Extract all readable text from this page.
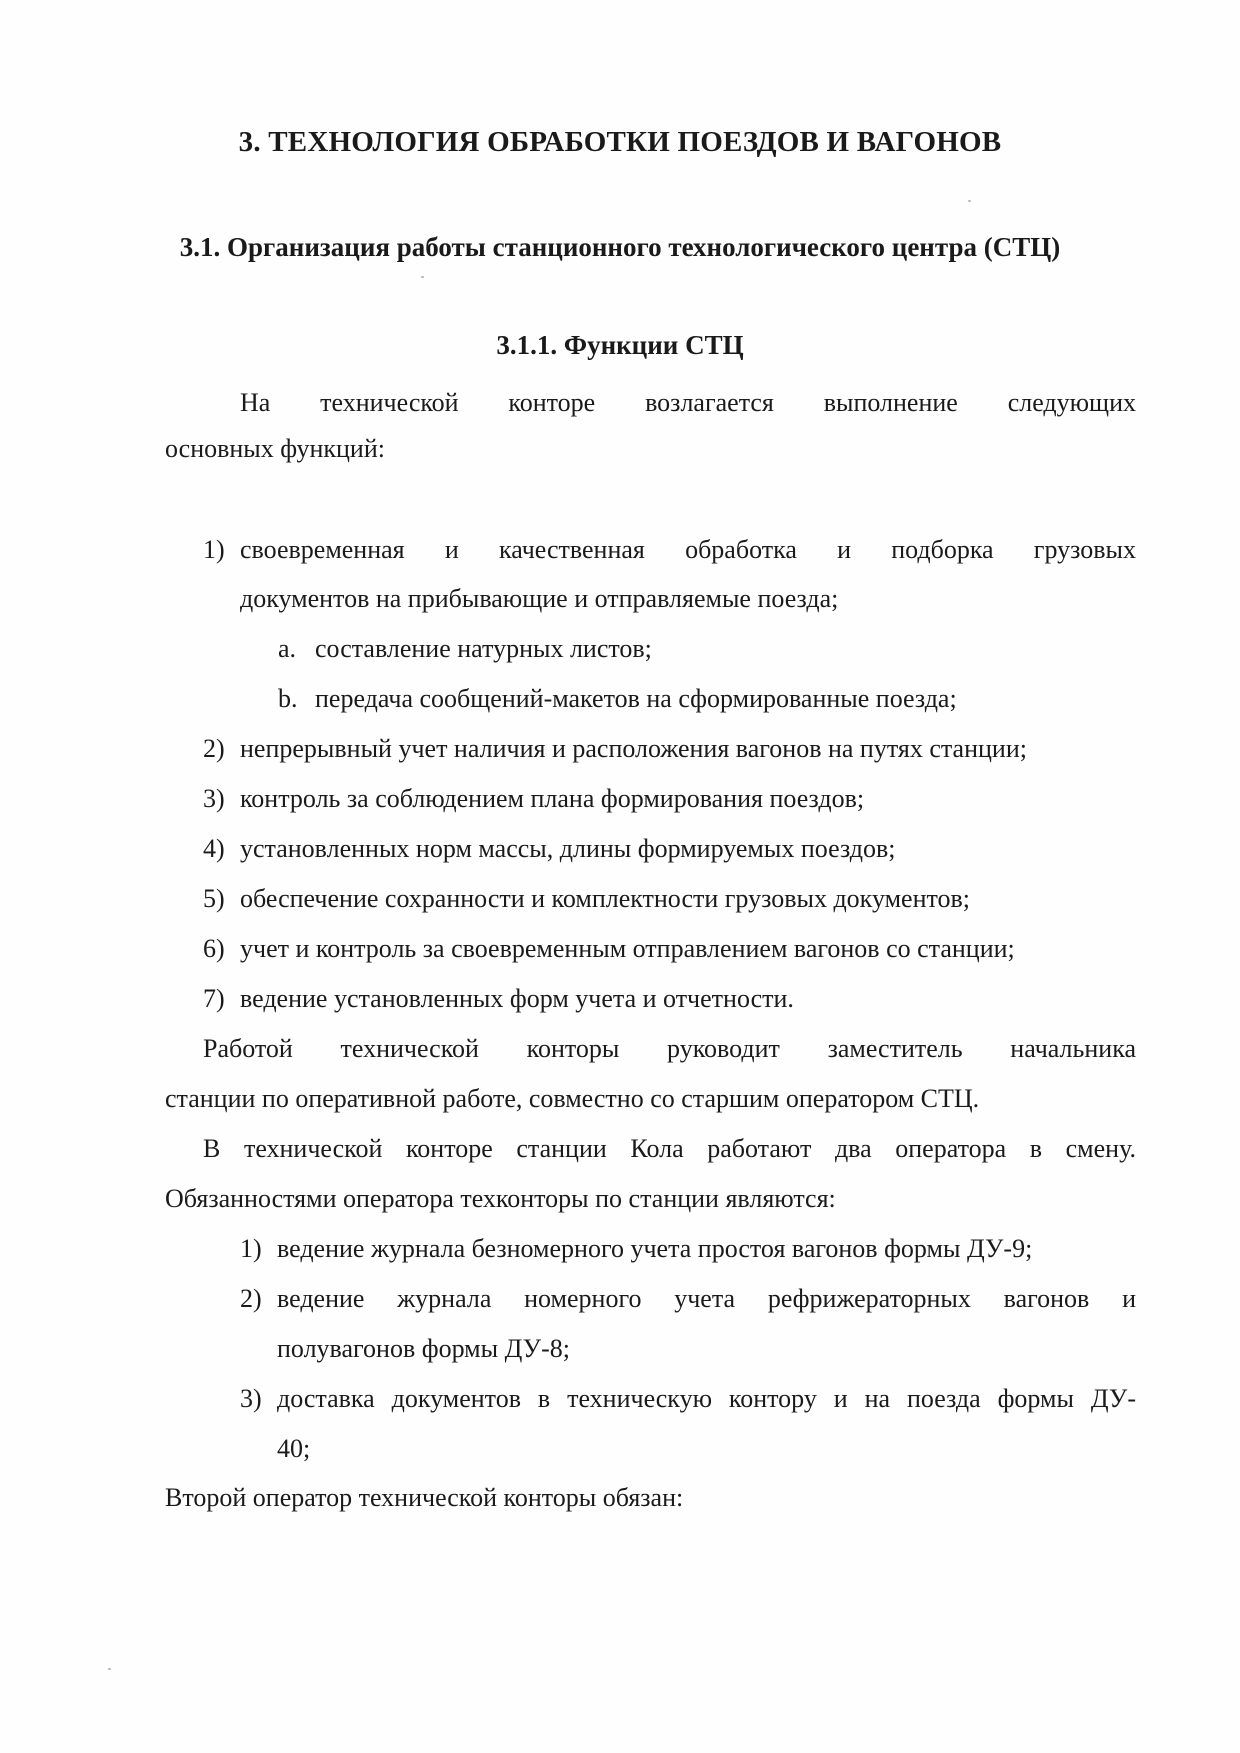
3. ТЕХНОЛОГИЯ ОБРАБОТКИ ПОЕЗДОВ И ВАГОНОВ
3.1. Организация работы станционного технологического центра (СТЦ)
3.1.1. Функции СТЦ
На технической конторе возлагается выполнение следующих
основных функций:
1) своевременная и качественная обработка и подборка грузовых
документов на прибывающие и отправляемые поезда;
a. составление натурных листов;
b. передача сообщений-макетов на сформированные поезда;
2) непрерывный учет наличия и расположения вагонов на путях станции;
3) контроль за соблюдением плана формирования поездов;
4) установленных норм массы, длины формируемых поездов;
5) обеспечение сохранности и комплектности грузовых документов;
6) учет и контроль за своевременным отправлением вагонов со станции;
7) ведение установленных форм учета и отчетности.
Работой технической конторы руководит заместитель начальника
станции по оперативной работе, совместно со старшим оператором СТЦ.
В технической конторе станции Кола работают два оператора в смену.
Обязанностями оператора техконторы по станции являются:
1) ведение журнала безномерного учета простоя вагонов формы ДУ-9;
2) ведение журнала номерного учета рефрижераторных вагонов и
полувагонов формы ДУ-8;
3) доставка документов в техническую контору и на поезда формы ДУ-
40;
Второй оператор технической конторы обязан:
